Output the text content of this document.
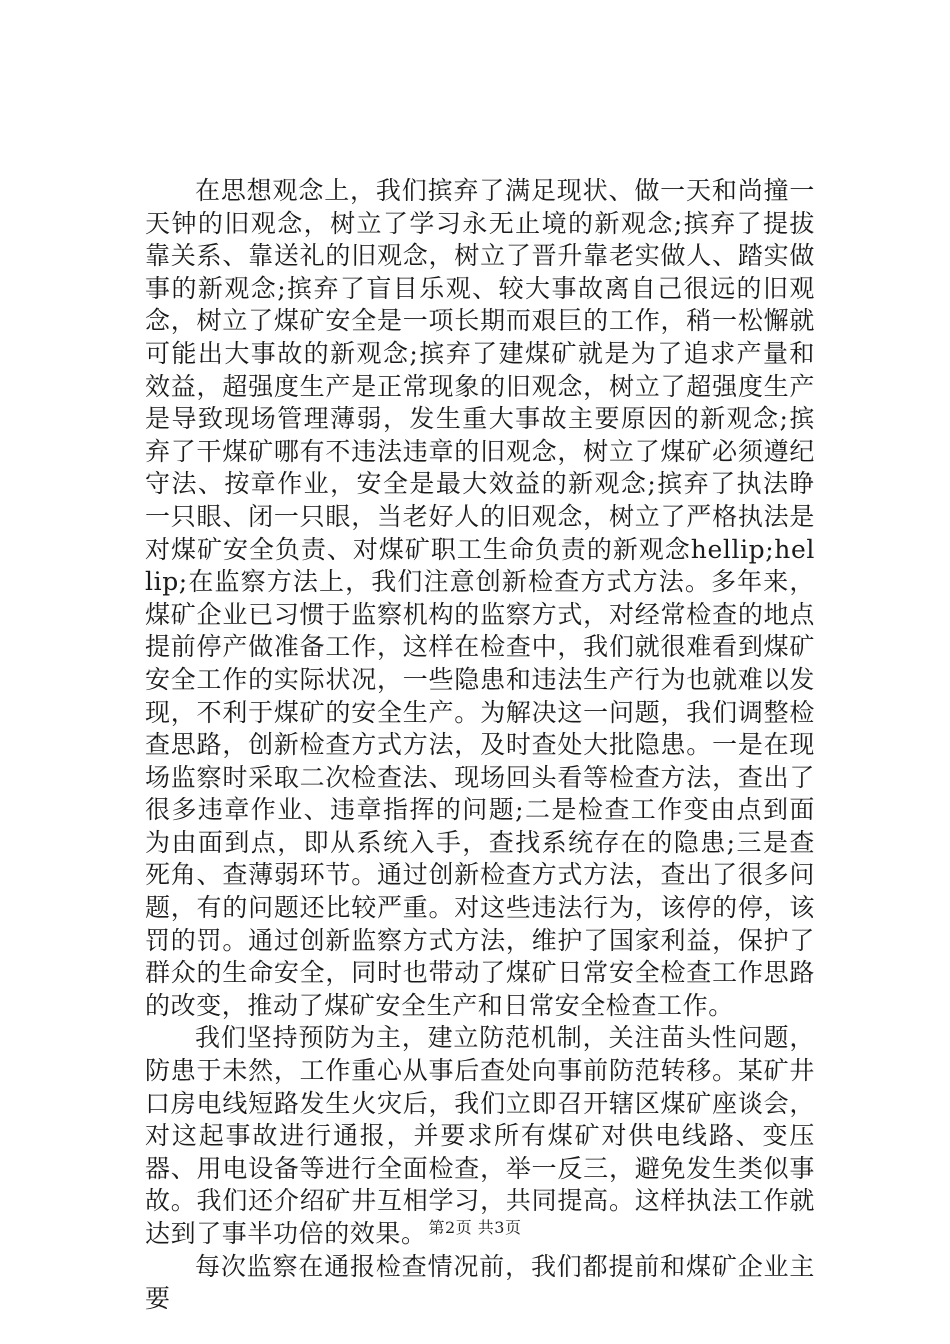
在思想观念上，我们摈弃了满足现状、做一天和尚撞一天钟的旧观念，树立了学习永无止境的新观念;摈弃了提拔靠关系、靠送礼的旧观念，树立了晋升靠老实做人、踏实做事的新观念;摈弃了盲目乐观、较大事故离自己很远的旧观念，树立了煤矿安全是一项长期而艰巨的工作，稍一松懈就可能出大事故的新观念;摈弃了建煤矿就是为了追求产量和效益，超强度生产是正常现象的旧观念，树立了超强度生产是导致现场管理薄弱，发生重大事故主要原因的新观念;摈弃了干煤矿哪有不违法违章的旧观念，树立了煤矿必须遵纪守法、按章作业，安全是最大效益的新观念;摈弃了执法睁一只眼、闭一只眼，当老好人的旧观念，树立了严格执法是对煤矿安全负责、对煤矿职工生命负责的新观念hellip;hellip;在监察方法上，我们注意创新检查方式方法。多年来，煤矿企业已习惯于监察机构的监察方式，对经常检查的地点提前停产做准备工作，这样在检查中，我们就很难看到煤矿安全工作的实际状况，一些隐患和违法生产行为也就难以发现，不利于煤矿的安全生产。为解决这一问题，我们调整检查思路，创新检查方式方法，及时查处大批隐患。一是在现场监察时采取二次检查法、现场回头看等检查方法，查出了很多违章作业、违章指挥的问题;二是检查工作变由点到面为由面到点，即从系统入手，查找系统存在的隐患;三是查死角、查薄弱环节。通过创新检查方式方法，查出了很多问题，有的问题还比较严重。对这些违法行为，该停的停，该罚的罚。通过创新监察方式方法，维护了国家利益，保护了群众的生命安全，同时也带动了煤矿日常安全检查工作思路的改变，推动了煤矿安全生产和日常安全检查工作。

我们坚持预防为主，建立防范机制，关注苗头性问题，防患于未然，工作重心从事后查处向事前防范转移。某矿井口房电线短路发生火灾后，我们立即召开辖区煤矿座谈会，对这起事故进行通报，并要求所有煤矿对供电线路、变压器、用电设备等进行全面检查，举一反三，避免发生类似事故。我们还介绍矿井互相学习，共同提高。这样执法工作就达到了事半功倍的效果。

每次监察在通报检查情况前，我们都提前和煤矿企业主要

第2页 共3页
